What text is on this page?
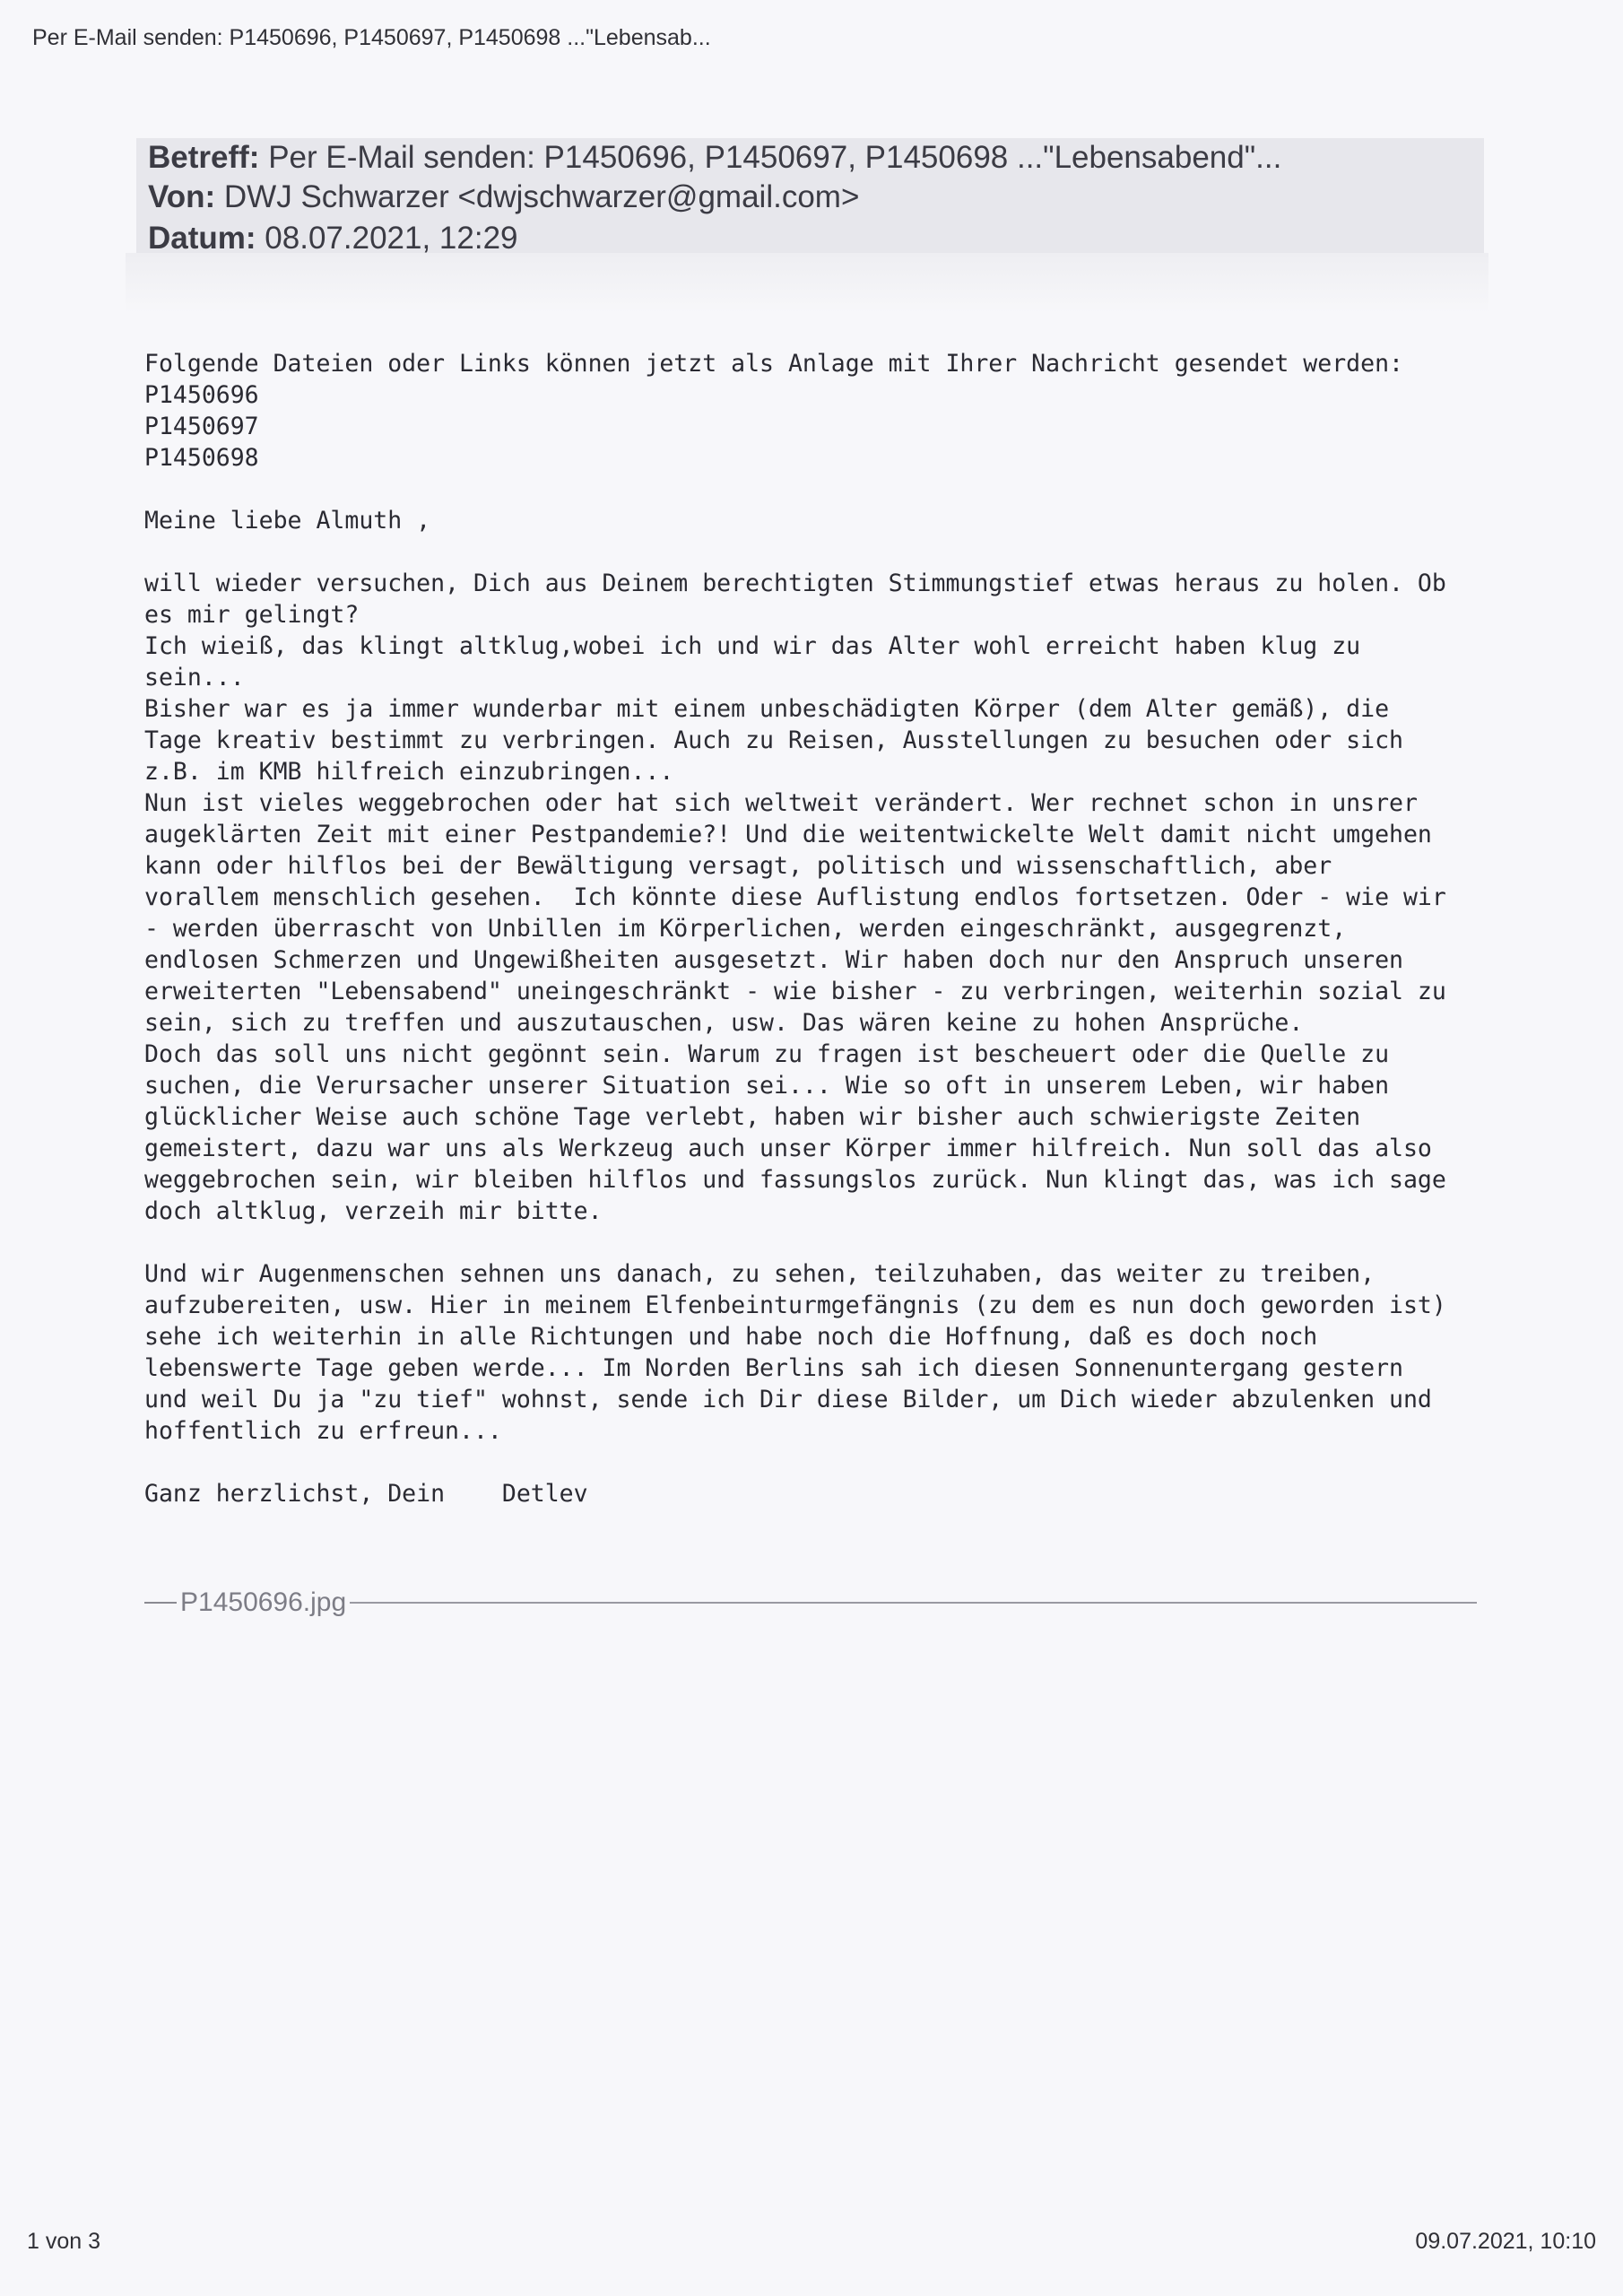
Per E-Mail senden: P1450696, P1450697, P1450698 ..."Lebensab...
Betreff: Per E-Mail senden: P1450696, P1450697, P1450698 ..."Lebensabend"...
Von: DWJ Schwarzer <dwjschwarzer@gmail.com>
Datum: 08.07.2021, 12:29

Folgende Dateien oder Links können jetzt als Anlage mit Ihrer Nachricht gesendet werden:

P1450696

P1450697

P1450698

Meine liebe Almuth ,

will wieder versuchen, Dich aus Deinem berechtigten Stimmungstief etwas heraus zu holen. Ob

es mir gelingt?

Ich wieiß, das klingt altklug,wobei ich und wir das Alter wohl erreicht haben klug zu

sein...

Bisher war es ja immer wunderbar mit einem unbeschädigten Körper (dem Alter gemäß), die

Tage kreativ bestimmt zu verbringen. Auch zu Reisen, Ausstellungen zu besuchen oder sich

z.B. im KMB hilfreich einzubringen...

Nun ist vieles weggebrochen oder hat sich weltweit verändert. Wer rechnet schon in unsrer

augeklärten Zeit mit einer Pestpandemie?! Und die weitentwickelte Welt damit nicht umgehen

kann oder hilflos bei der Bewältigung versagt, politisch und wissenschaftlich, aber

vorallem menschlich gesehen.  Ich könnte diese Auflistung endlos fortsetzen. Oder - wie wir

- werden überrascht von Unbillen im Körperlichen, werden eingeschränkt, ausgegrenzt,

endlosen Schmerzen und Ungewißheiten ausgesetzt. Wir haben doch nur den Anspruch unseren

erweiterten "Lebensabend" uneingeschränkt - wie bisher - zu verbringen, weiterhin sozial zu

sein, sich zu treffen und auszutauschen, usw. Das wären keine zu hohen Ansprüche.

Doch das soll uns nicht gegönnt sein. Warum zu fragen ist bescheuert oder die Quelle zu

suchen, die Verursacher unserer Situation sei... Wie so oft in unserem Leben, wir haben

glücklicher Weise auch schöne Tage verlebt, haben wir bisher auch schwierigste Zeiten

gemeistert, dazu war uns als Werkzeug auch unser Körper immer hilfreich. Nun soll das also

weggebrochen sein, wir bleiben hilflos und fassungslos zurück. Nun klingt das, was ich sage

doch altklug, verzeih mir bitte.

Und wir Augenmenschen sehnen uns danach, zu sehen, teilzuhaben, das weiter zu treiben,

aufzubereiten, usw. Hier in meinem Elfenbeinturmgefängnis (zu dem es nun doch geworden ist)

sehe ich weiterhin in alle Richtungen und habe noch die Hoffnung, daß es doch noch

lebenswerte Tage geben werde... Im Norden Berlins sah ich diesen Sonnenuntergang gestern

und weil Du ja "zu tief" wohnst, sende ich Dir diese Bilder, um Dich wieder abzulenken und

hoffentlich zu erfreun...

Ganz herzlichst, Dein    Detlev

P1450696.jpg
1 von 3	09.07.2021, 10:10
